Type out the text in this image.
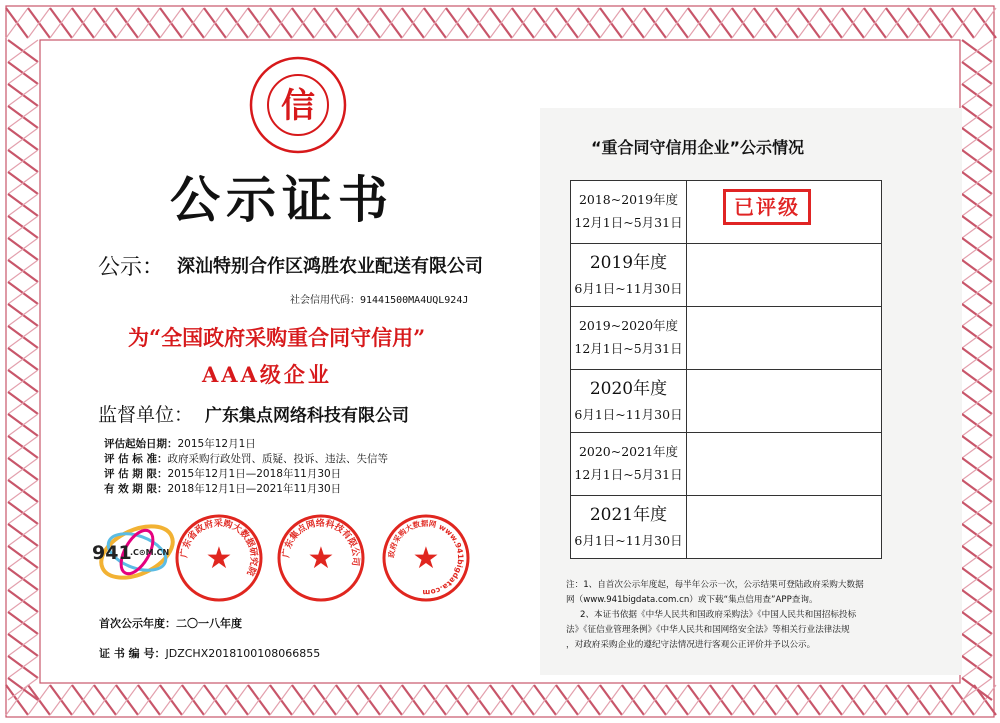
信
公示证书
公示： 深汕特别合作区鸿胜农业配送有限公司
社会信用代码：91441500MA4UQL924J
为“全国政府采购重合同守信用”
AAA级企业
监督单位： 广东集点网络科技有限公司
评估起始日期：2015年12月1日
评 估 标 准：政府采购行政处罚、质疑、投诉、违法、失信等
评 估 期 限：2015年12月1日—2018年11月30日
有 效 期 限：2018年12月1日—2021年11月30日
941
.C⊙M.CN 广东省政府采购大数据研究院
★	广东集点网络科技有限公司
★	政府采购大数据网 www.941bigdata.com
★
首次公示年度：二〇一八年度
证 书 编 号：JDZCHX2018100108066855
“重合同守信用企业”公示情况
2018~2019年度
12月1日~5月31日	已评级

2019年度
6月1日~11月30日	

2019~2020年度
12月1日~5月31日	

2020年度
6月1日~11月30日	

2020~2021年度
12月1日~5月31日	

2021年度
6月1日~11月30日	

注：1、自首次公示年度起，每半年公示一次，公示结果可登陆政府采购大数据
网（www.941bigdata.com.cn）或下载“集点信用查”APP查询。
2、本证书依据《中华人民共和国政府采购法》《中国人民共和国招标投标
法》《征信业管理条例》《中华人民共和国网络安全法》等相关行业法律法规
，对政府采购企业的遵纪守法情况进行客观公正评价并予以公示。
